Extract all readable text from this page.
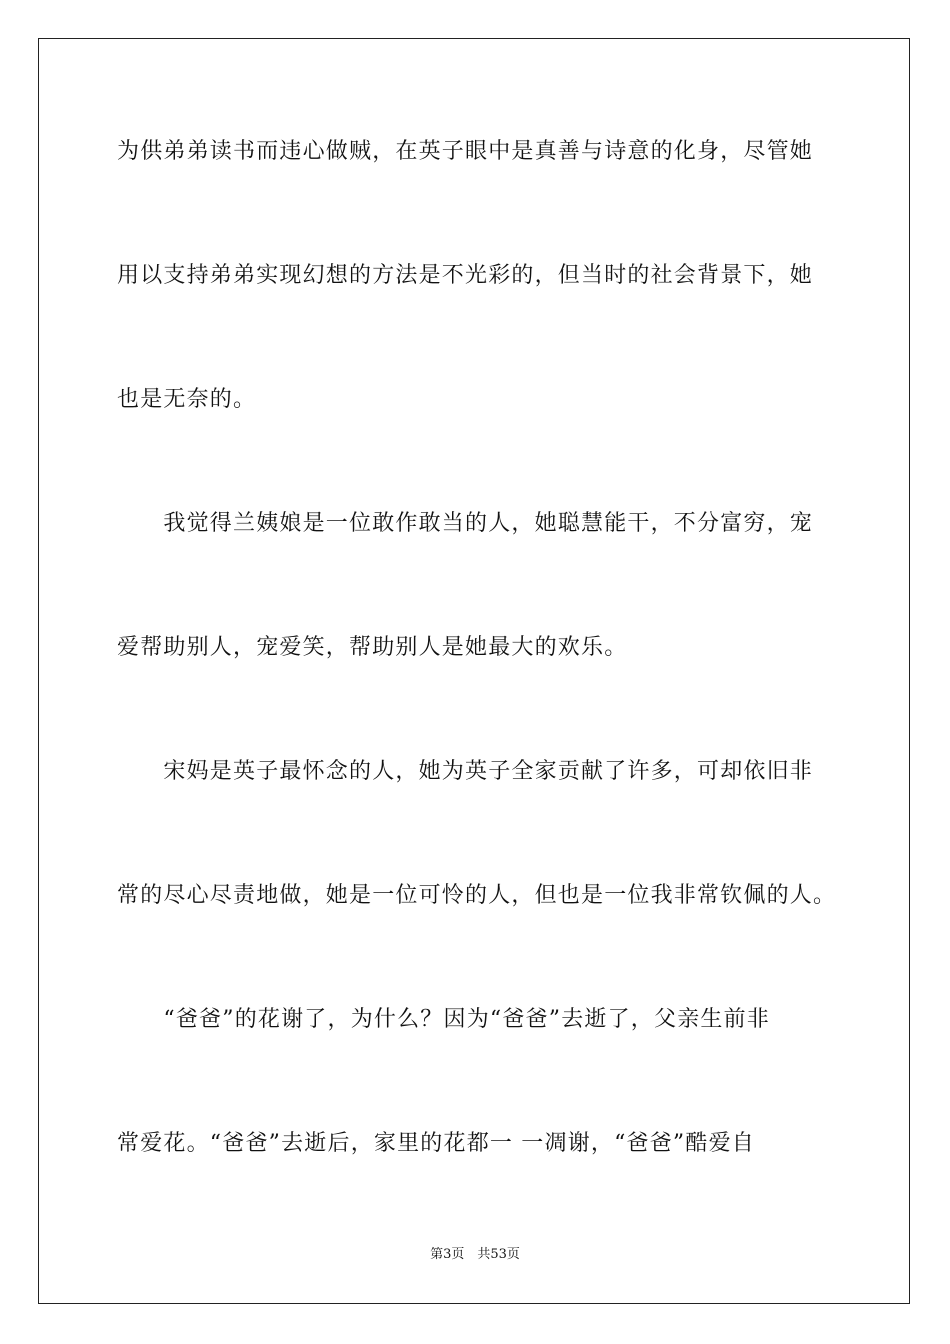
为供弟弟读书而违心做贼，在英子眼中是真善与诗意的化身，尽管她
用以支持弟弟实现幻想的方法是不光彩的，但当时的社会背景下，她
也是无奈的。
　　我觉得兰姨娘是一位敢作敢当的人，她聪慧能干，不分富穷，宠
爱帮助别人，宠爱笑，帮助别人是她最大的欢乐。
　　宋妈是英子最怀念的人，她为英子全家贡献了许多，可却依旧非
常的尽心尽责地做，她是一位可怜的人，但也是一位我非常钦佩的人。
　　“爸爸”的花谢了，为什么？因为“爸爸”去逝了，父亲生前非
常爱花。“爸爸”去逝后，家里的花都一 一凋谢，“爸爸”酷爱自
第3页　共53页
